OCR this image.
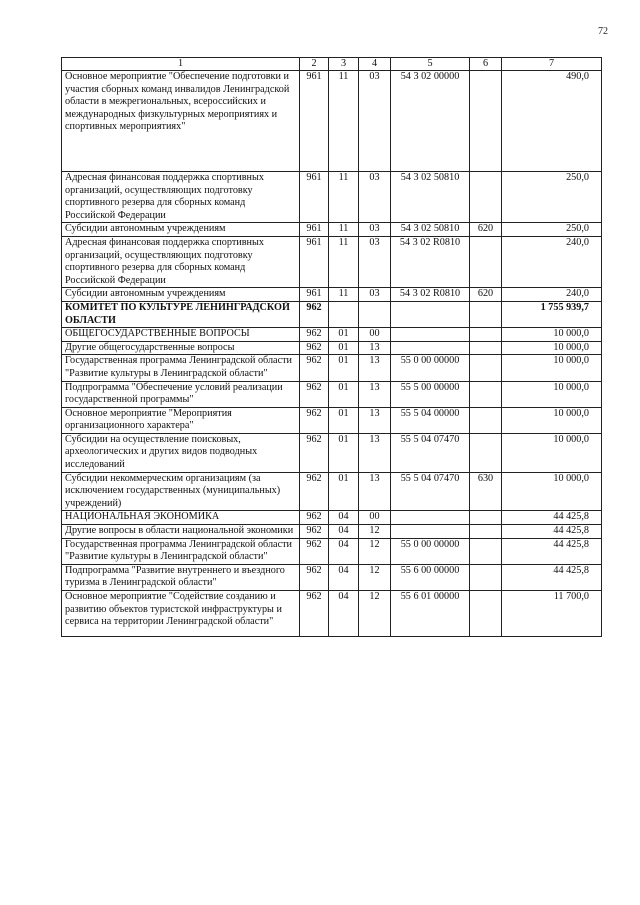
72
1	2	3	4	5	6	7
Основное мероприятие "Обеспечение подготовки и участия сборных команд инвалидов Ленинградской области в межрегиональных, всероссийских и международных физкультурных мероприятиях и спортивных мероприятиях"	961	11	03	54 3 02 00000		490,0
Адресная финансовая поддержка спортивных организаций, осуществляющих подготовку спортивного резерва для сборных команд Российской Федерации	961	11	03	54 3 02 50810		250,0
Субсидии автономным учреждениям	961	11	03	54 3 02 50810	620	250,0
Адресная финансовая поддержка спортивных организаций, осуществляющих подготовку спортивного резерва для сборных команд Российской Федерации	961	11	03	54 3 02 R0810		240,0
Субсидии автономным учреждениям	961	11	03	54 3 02 R0810	620	240,0
КОМИТЕТ ПО КУЛЬТУРЕ ЛЕНИНГРАДСКОЙ ОБЛАСТИ	962					1 755 939,7
ОБЩЕГОСУДАРСТВЕННЫЕ ВОПРОСЫ	962	01	00			10 000,0
Другие общегосударственные вопросы	962	01	13			10 000,0
Государственная программа Ленинградской области "Развитие культуры в Ленинградской области"	962	01	13	55 0 00 00000		10 000,0
Подпрограмма "Обеспечение условий реализации государственной программы"	962	01	13	55 5 00 00000		10 000,0
Основное мероприятие "Мероприятия организационного характера"	962	01	13	55 5 04 00000		10 000,0
Субсидии на осуществление поисковых, археологических и других видов подводных исследований	962	01	13	55 5 04 07470		10 000,0
Субсидии некоммерческим организациям (за исключением государственных (муниципальных) учреждений)	962	01	13	55 5 04 07470	630	10 000,0
НАЦИОНАЛЬНАЯ ЭКОНОМИКА	962	04	00			44 425,8
Другие вопросы в области национальной экономики	962	04	12			44 425,8
Государственная программа Ленинградской области "Развитие культуры в Ленинградской области"	962	04	12	55 0 00 00000		44 425,8
Подпрограмма "Развитие внутреннего и въездного туризма в Ленинградской области"	962	04	12	55 6 00 00000		44 425,8
Основное мероприятие "Содействие созданию и развитию объектов туристской инфраструктуры и сервиса на территории Ленинградской области"	962	04	12	55 6 01 00000		11 700,0
